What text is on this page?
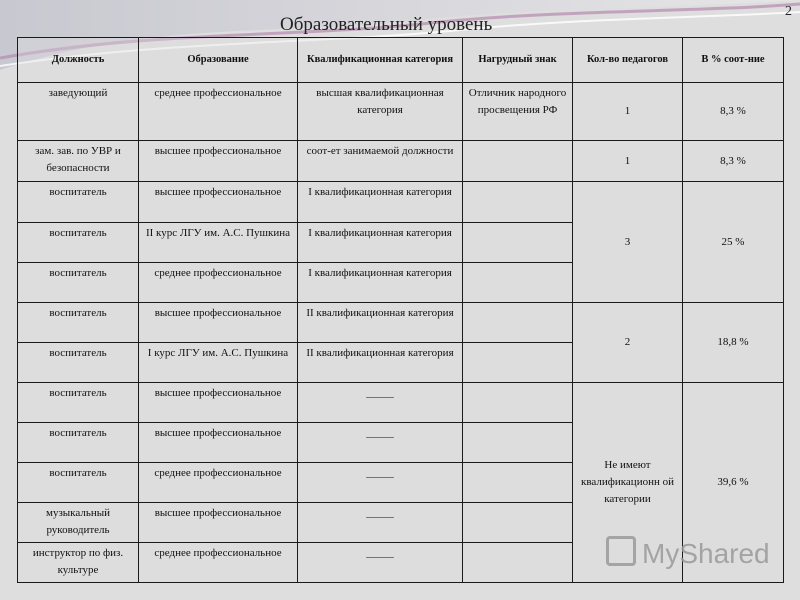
2
Образовательный уровень
Должность	Образование	Квалификационная категория	Нагрудный знак	Кол-во педагогов	В % соот-ние
заведующий	среднее профессиональное	высшая квалификационная категория	Отличник народного просвещения РФ	1	8,3 %
зам. зав. по УВР и безопасности	высшее профессиональное	соот-ет занимаемой должности		1	8,3 %
воспитатель	высшее профессиональное	I квалификационная категория		3	25 %
воспитатель	II курс ЛГУ им. А.С. Пушкина	I квалификационная категория			
воспитатель	среднее профессиональное	I квалификационная категория			
воспитатель	высшее профессиональное	II квалификационная категория		2	18,8 %
воспитатель	I курс ЛГУ им. А.С. Пушкина	II квалификационная категория			
воспитатель	высшее профессиональное	_____		Не имеют квалификационн ой категории	39,6 %
воспитатель	высшее профессиональное	_____			
воспитатель	среднее профессиональное	_____			
музыкальный руководитель	высшее профессиональное	_____			
инструктор по физ. культуре	среднее профессиональное	_____				MyShared
